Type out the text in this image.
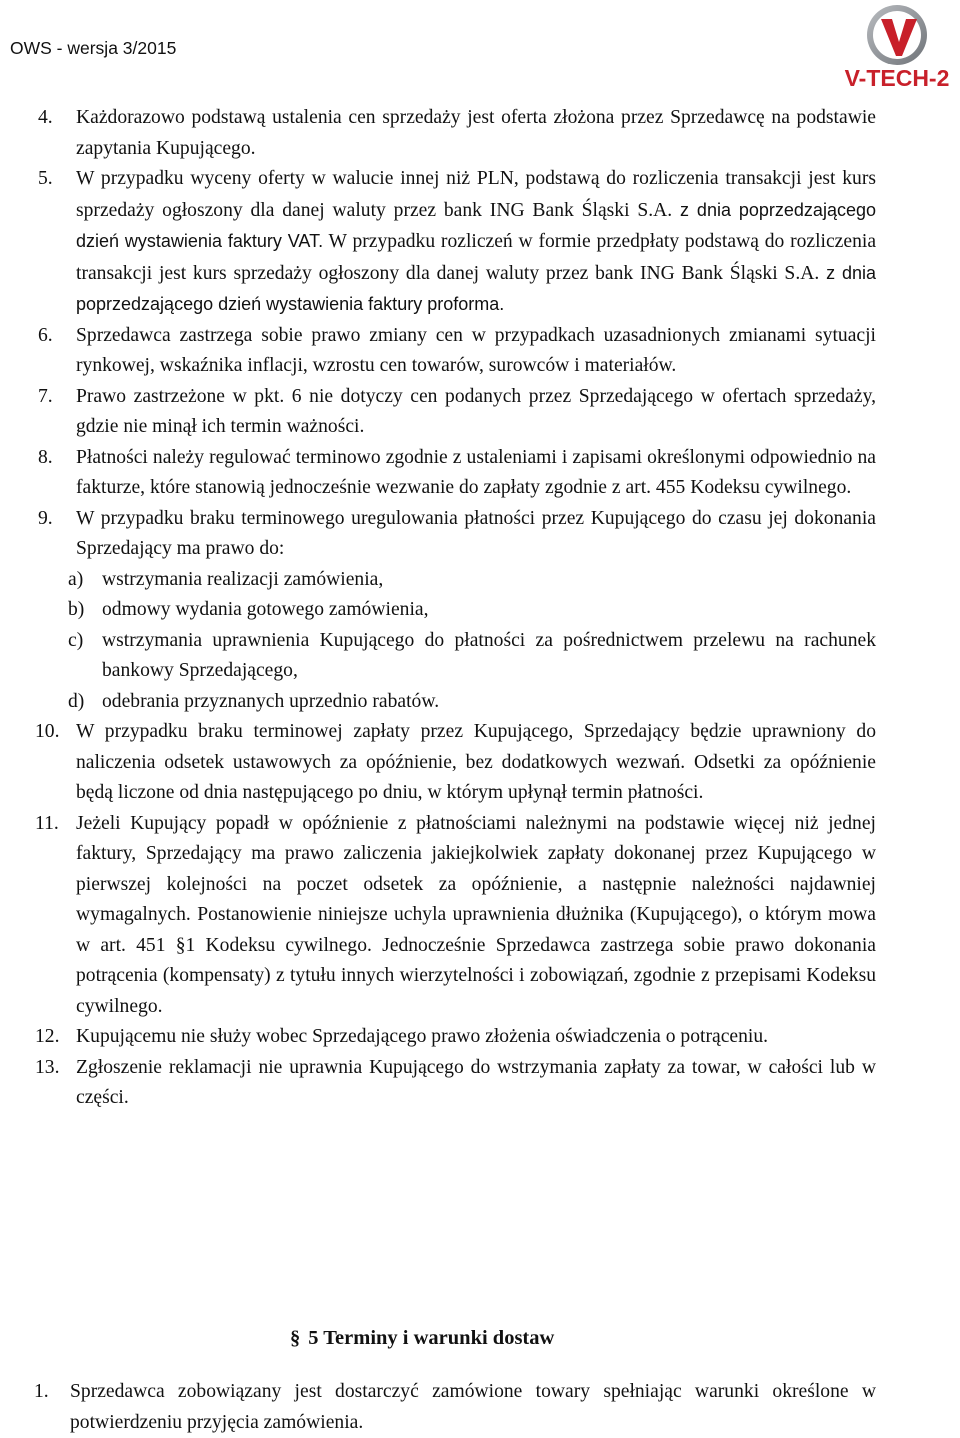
OWS - wersja 3/2015
V-TECH-2
4.	Każdorazowo podstawą ustalenia cen sprzedaży jest oferta złożona przez Sprzedawcę na podstawie zapytania Kupującego.
5.	W przypadku wyceny oferty w walucie innej niż PLN, podstawą do rozliczenia transakcji jest kurs sprzedaży ogłoszony dla danej waluty przez bank ING Bank Śląski S.A. z dnia poprzedzającego dzień wystawienia faktury VAT. W przypadku rozliczeń w formie przedpłaty podstawą do rozliczenia transakcji jest kurs sprzedaży ogłoszony dla danej waluty przez bank ING Bank Śląski S.A. z dnia poprzedzającego dzień wystawienia faktury proforma.
6.	Sprzedawca zastrzega sobie prawo zmiany cen w przypadkach uzasadnionych zmianami sytuacji rynkowej, wskaźnika inflacji, wzrostu cen towarów, surowców i materiałów.
7.	Prawo zastrzeżone w pkt. 6 nie dotyczy cen podanych przez Sprzedającego w ofertach sprzedaży, gdzie nie minął ich termin ważności.
8.	Płatności należy regulować terminowo zgodnie z ustaleniami i zapisami określonymi odpowiednio na fakturze, które stanowią jednocześnie wezwanie do zapłaty zgodnie z art. 455 Kodeksu cywilnego.
9.	W przypadku braku terminowego uregulowania płatności przez Kupującego do czasu jej dokonania Sprzedający ma prawo do:
a) wstrzymania realizacji zamówienia,
b) odmowy wydania gotowego zamówienia,
c) wstrzymania uprawnienia Kupującego do płatności za pośrednictwem przelewu na rachunek bankowy Sprzedającego,
d) odebrania przyznanych uprzednio rabatów.
10. W przypadku braku terminowej zapłaty przez Kupującego, Sprzedający będzie uprawniony do naliczenia odsetek ustawowych za opóźnienie, bez dodatkowych wezwań. Odsetki za opóźnienie będą liczone od dnia następującego po dniu, w którym upłynął termin płatności.
11. Jeżeli Kupujący popadł w opóźnienie z płatnościami należnymi na podstawie więcej niż jednej faktury, Sprzedający ma prawo zaliczenia jakiejkolwiek zapłaty dokonanej przez Kupującego w pierwszej kolejności na poczet odsetek za opóźnienie, a następnie należności najdawniej wymagalnych. Postanowienie niniejsze uchyla uprawnienia dłużnika (Kupującego), o którym mowa w art. 451 §1 Kodeksu cywilnego. Jednocześnie Sprzedawca zastrzega sobie prawo dokonania potrącenia (kompensaty) z tytułu innych wierzytelności i zobowiązań, zgodnie z przepisami Kodeksu cywilnego.
12. Kupującemu nie służy wobec Sprzedającego prawo złożenia oświadczenia o potrąceniu.
13. Zgłoszenie reklamacji nie uprawnia Kupującego do wstrzymania zapłaty za towar, w całości lub w części.
§ 5 Terminy i warunki dostaw
1.	Sprzedawca zobowiązany jest dostarczyć zamówione towary spełniając warunki określone w potwierdzeniu przyjęcia zamówienia.
